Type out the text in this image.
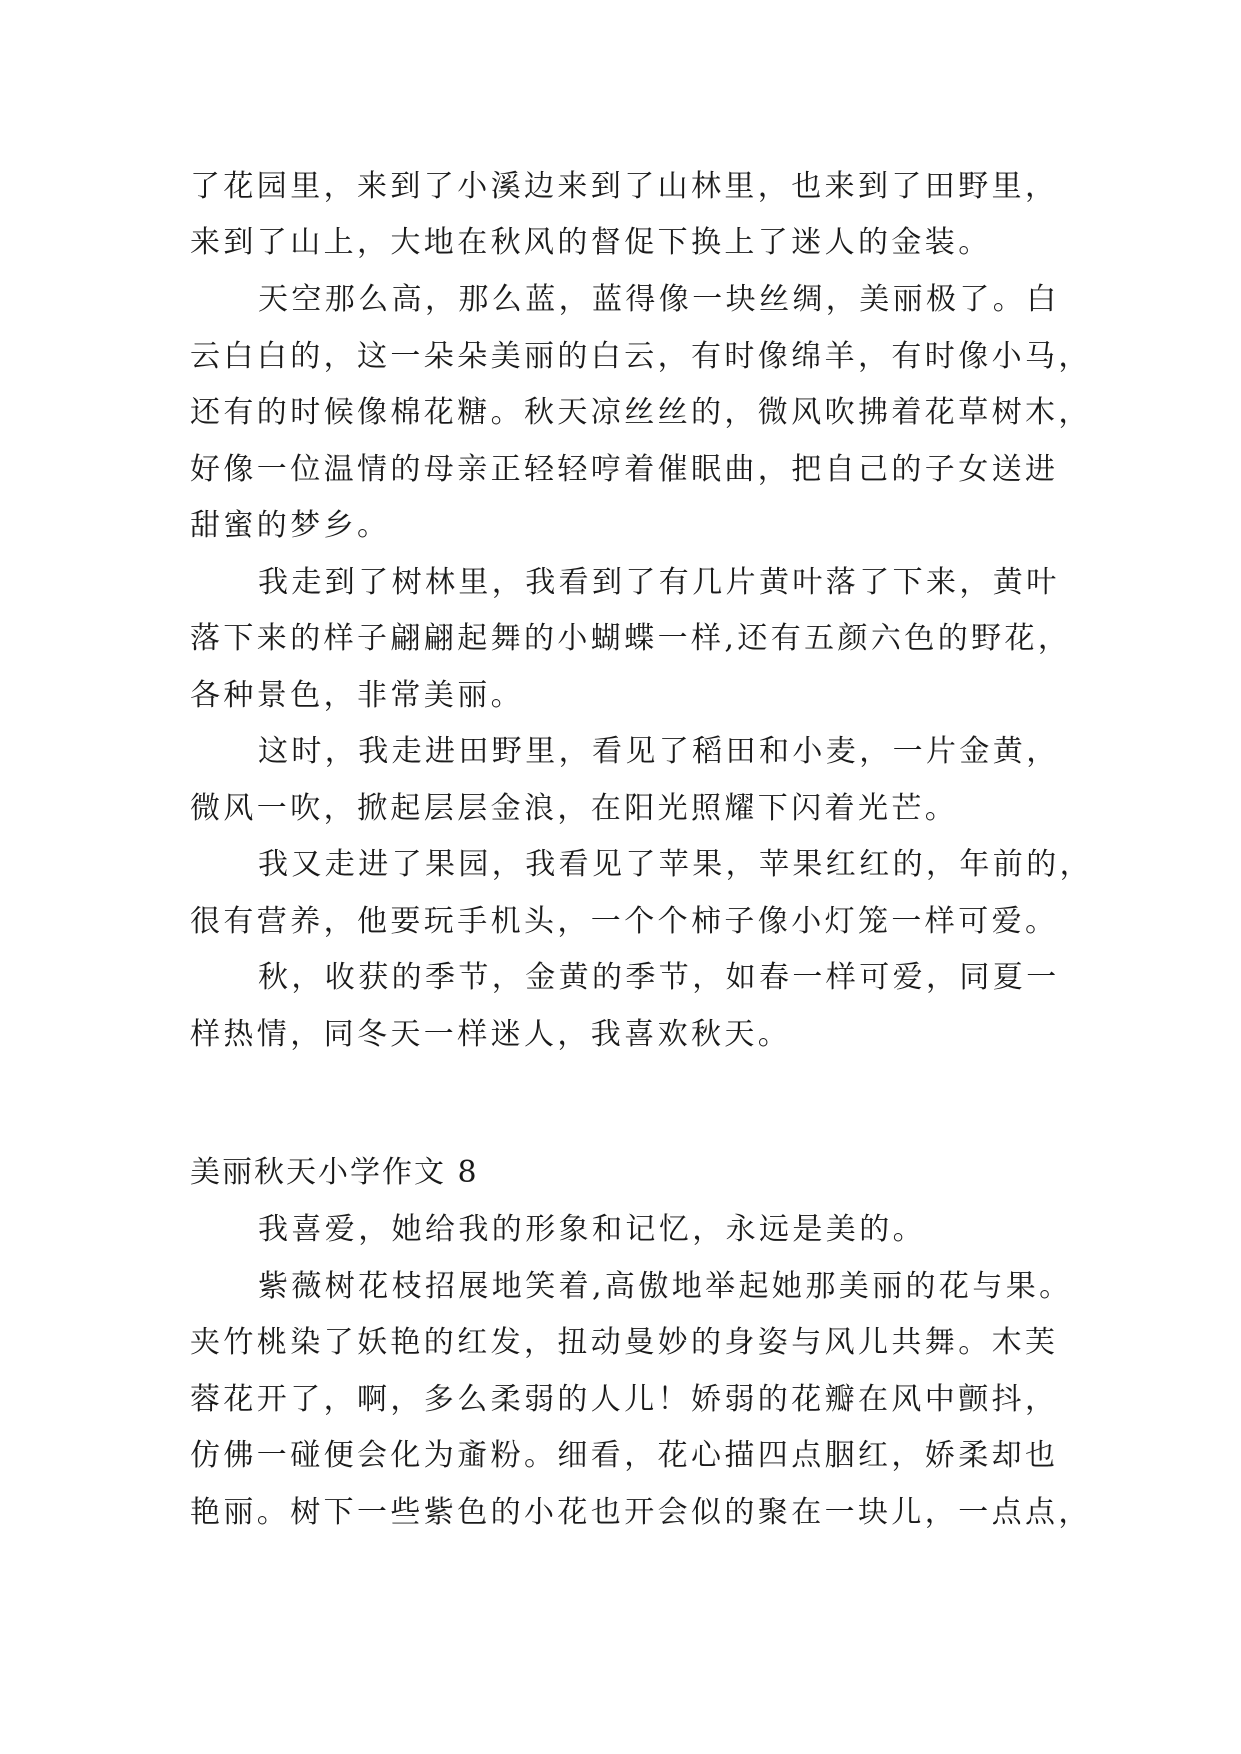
了花园里，来到了小溪边来到了山林里，也来到了田野里，
来到了山上，大地在秋风的督促下换上了迷人的金装。
天空那么高，那么蓝，蓝得像一块丝绸，美丽极了。白
云白白的，这一朵朵美丽的白云，有时像绵羊，有时像小马，
还有的时候像棉花糖。秋天凉丝丝的，微风吹拂着花草树木，
好像一位温情的母亲正轻轻哼着催眠曲，把自己的子女送进
甜蜜的梦乡。
我走到了树林里，我看到了有几片黄叶落了下来，黄叶
落下来的样子翩翩起舞的小蝴蝶一样,还有五颜六色的野花，
各种景色，非常美丽。
这时，我走进田野里，看见了稻田和小麦，一片金黄，
微风一吹，掀起层层金浪，在阳光照耀下闪着光芒。
我又走进了果园，我看见了苹果，苹果红红的，年前的，
很有营养，他要玩手机头，一个个柿子像小灯笼一样可爱。
秋，收获的季节，金黄的季节，如春一样可爱，同夏一
样热情，同冬天一样迷人，我喜欢秋天。
美丽秋天小学作文 8
我喜爱，她给我的形象和记忆，永远是美的。
紫薇树花枝招展地笑着,高傲地举起她那美丽的花与果。
夹竹桃染了妖艳的红发，扭动曼妙的身姿与风儿共舞。木芙
蓉花开了，啊，多么柔弱的人儿！娇弱的花瓣在风中颤抖，
仿佛一碰便会化为齑粉。细看，花心描四点胭红，娇柔却也
艳丽。树下一些紫色的小花也开会似的聚在一块儿，一点点，
